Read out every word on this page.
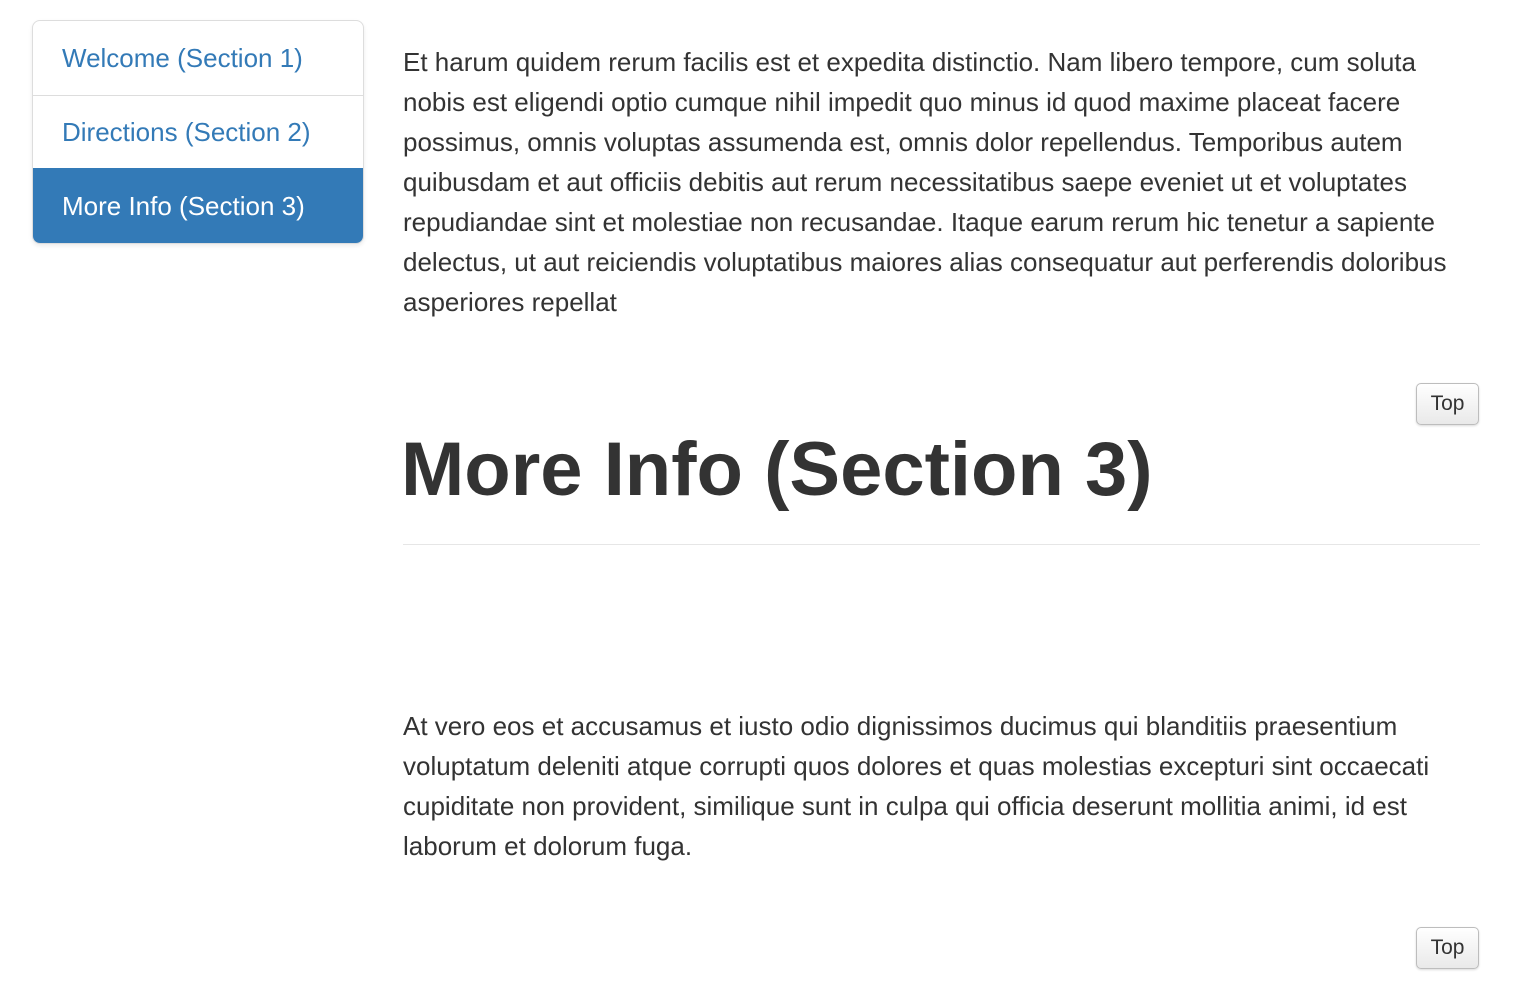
Welcome (Section 1)
Directions (Section 2)
More Info (Section 3)

Et harum quidem rerum facilis est et expedita distinctio. Nam libero tempore, cum soluta nobis est eligendi optio cumque nihil impedit quo minus id quod maxime placeat facere possimus, omnis voluptas assumenda est, omnis dolor repellendus. Temporibus autem quibusdam et aut officiis debitis aut rerum necessitatibus saepe eveniet ut et voluptates repudiandae sint et molestiae non recusandae. Itaque earum rerum hic tenetur a sapiente delectus, ut aut reiciendis voluptatibus maiores alias consequatur aut perferendis doloribus asperiores repellat

Top
More Info (Section 3)

At vero eos et accusamus et iusto odio dignissimos ducimus qui blanditiis praesentium voluptatum deleniti atque corrupti quos dolores et quas molestias excepturi sint occaecati cupiditate non provident, similique sunt in culpa qui officia deserunt mollitia animi, id est laborum et dolorum fuga.

Top
